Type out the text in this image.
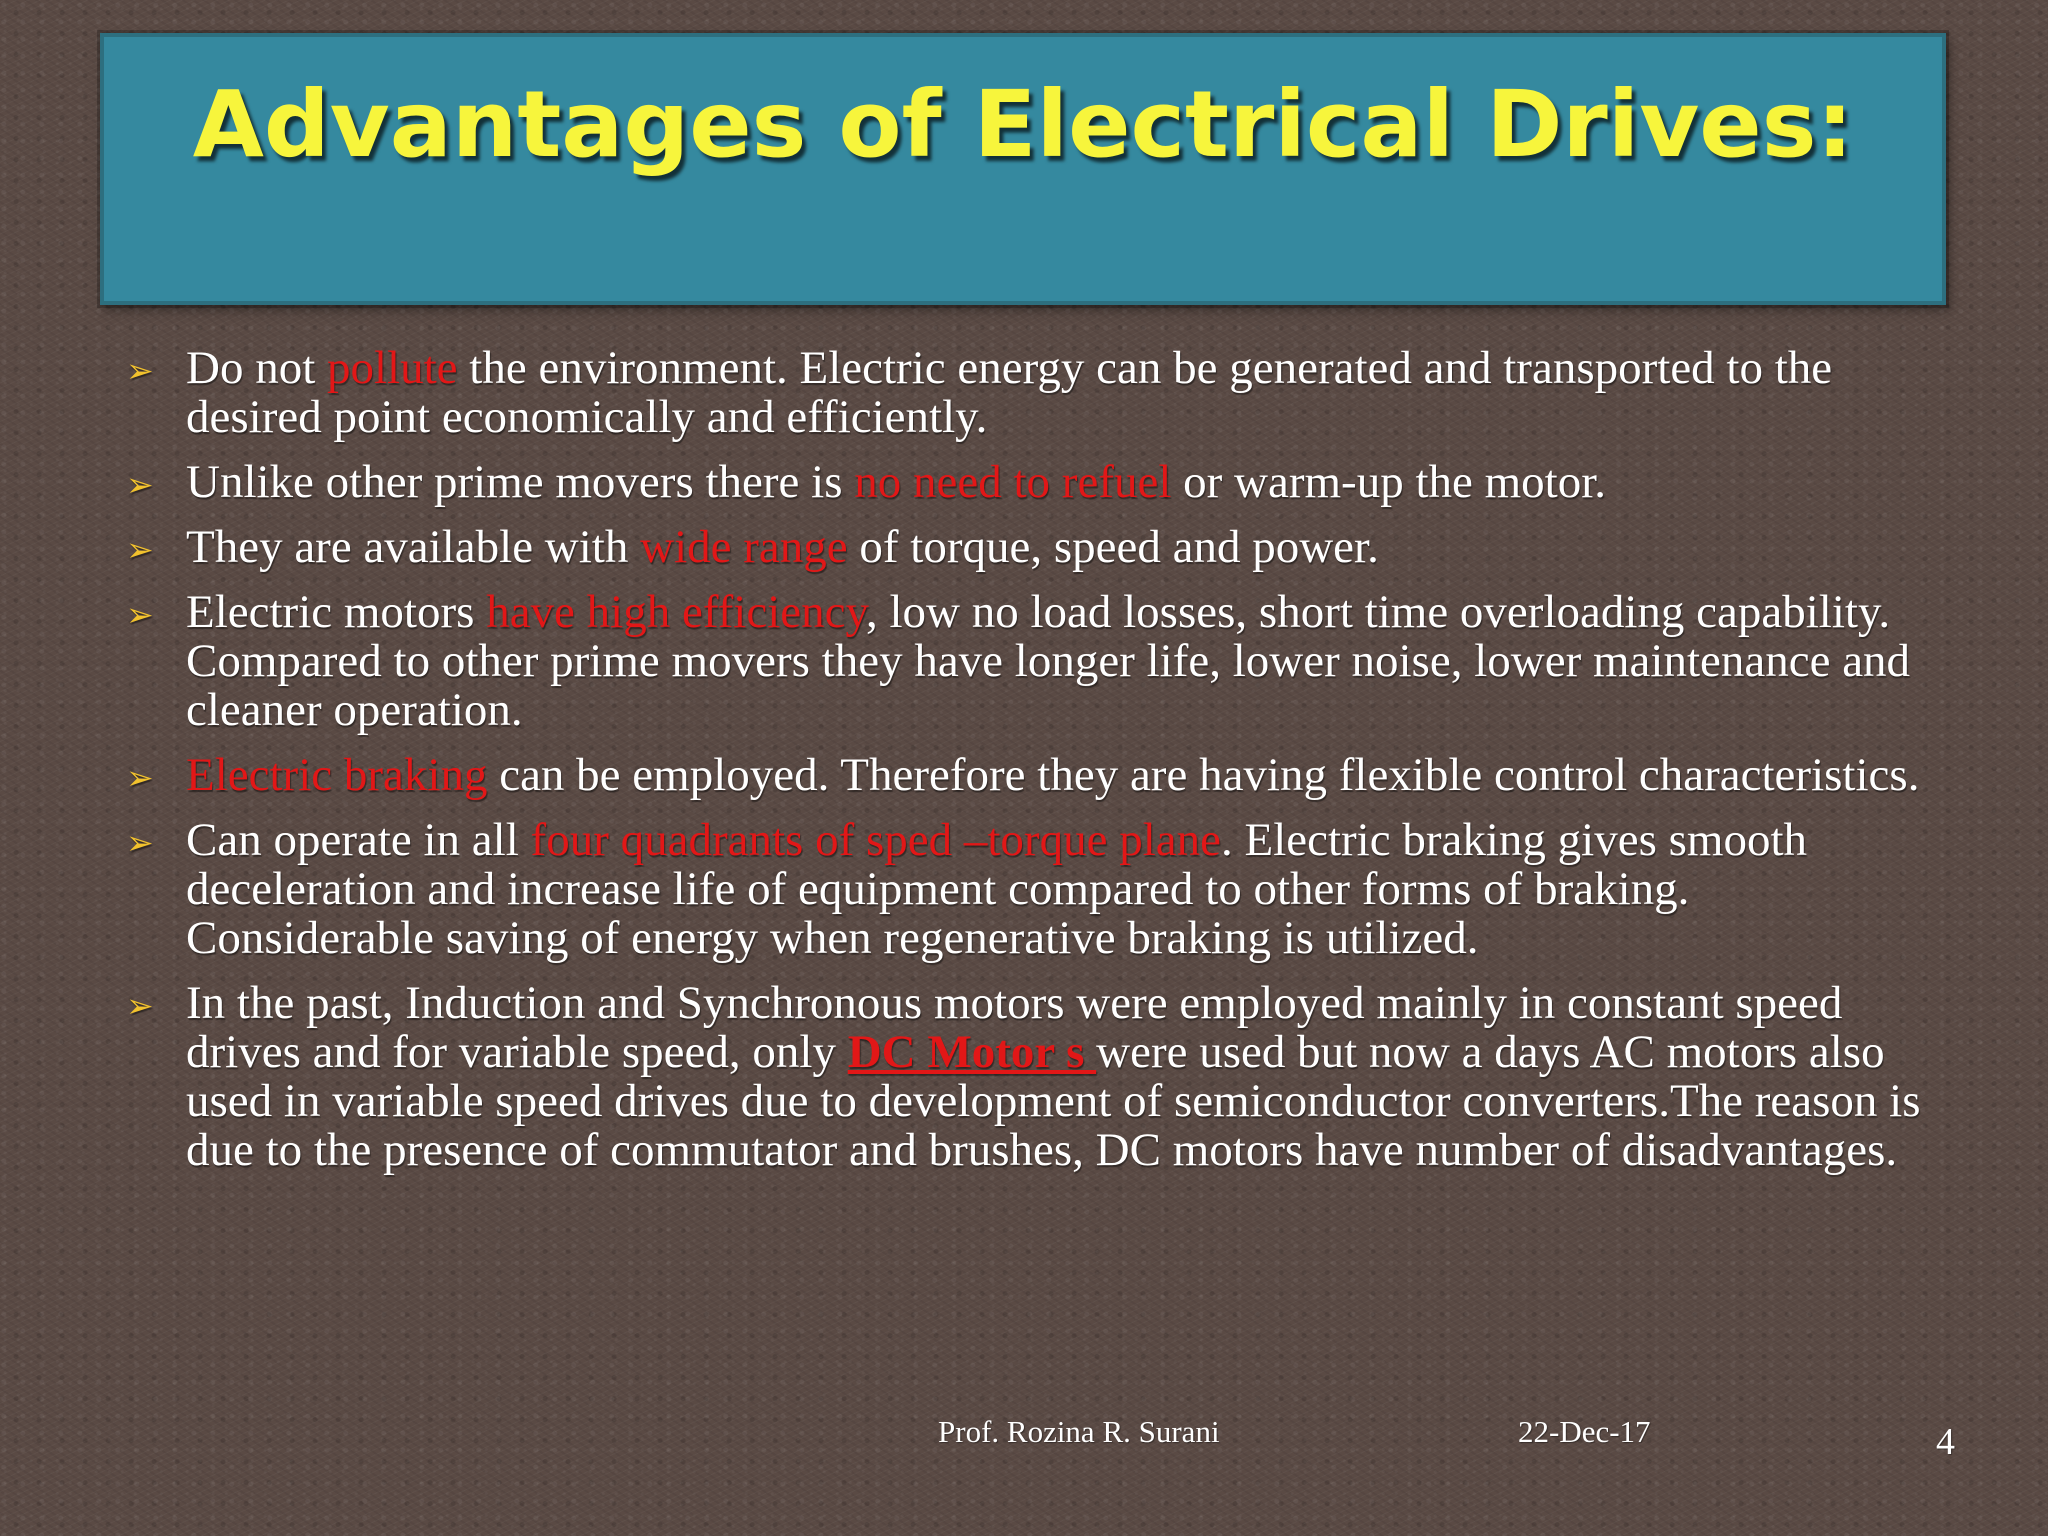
Advantages of Electrical Drives:
➢ Do not pollute the environment. Electric energy can be generated and transported to the desired point economically and efficiently.
➢ Unlike other prime movers there is no need to refuel or warm-up the motor.
➢ They are available with wide range of torque, speed and power.
➢ Electric motors have high efficiency, low no load losses, short time overloading capability. Compared to other prime movers they have longer life, lower noise, lower maintenance and cleaner operation.
➢ Electric braking can be employed. Therefore they are having flexible control characteristics.
➢ Can operate in all four quadrants of sped –torque plane. Electric braking gives smooth deceleration and increase life of equipment compared to other forms of braking. Considerable saving of energy when regenerative braking is utilized.
➢ In the past, Induction and Synchronous motors were employed mainly in constant speed drives and for variable speed, only DC Motor s were used but now a days AC motors also used in variable speed drives due to development of semiconductor converters.The reason is due to the presence of commutator and brushes, DC motors have number of disadvantages.
Prof. Rozina R. Surani	22-Dec-17	4
